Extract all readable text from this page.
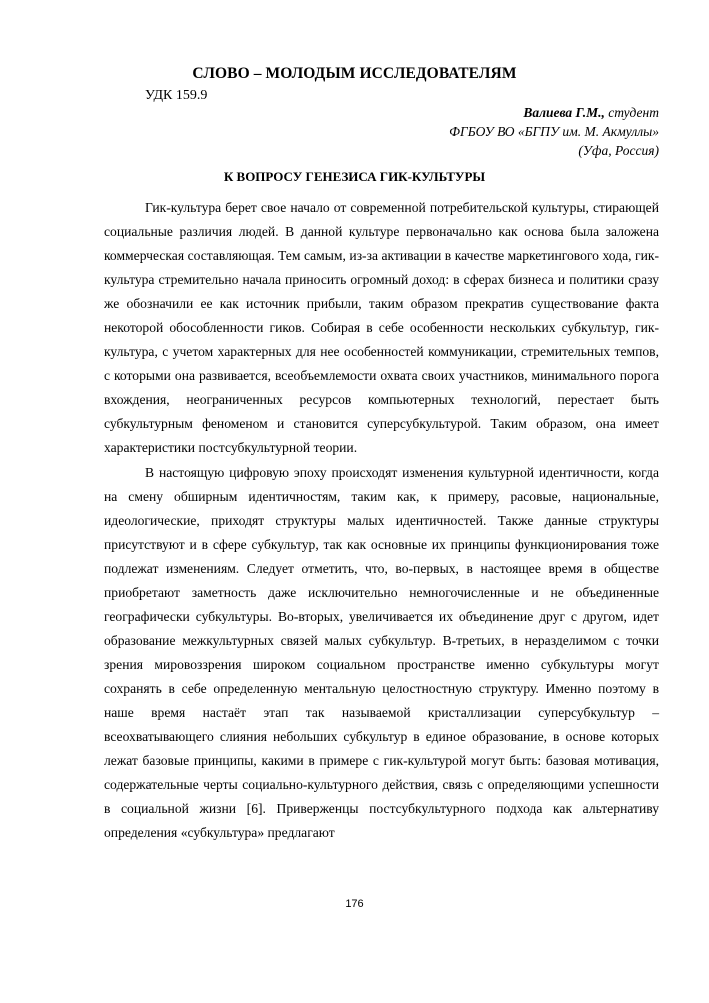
СЛОВО – МОЛОДЫМ ИССЛЕДОВАТЕЛЯМ
УДК 159.9
Валиева Г.М., студент
ФГБОУ ВО «БГПУ им. М. Акмуллы»
(Уфа, Россия)
К ВОПРОСУ ГЕНЕЗИСА ГИК-КУЛЬТУРЫ

Гик-культура берет свое начало от современной потребительской культуры, стирающей социальные различия людей. В данной культуре первоначально как основа была заложена коммерческая составляющая. Тем самым, из-за активации в качестве маркетингового хода, гик-культура стремительно начала приносить огромный доход: в сферах бизнеса и политики сразу же обозначили ее как источник прибыли, таким образом прекратив существование факта некоторой обособленности гиков. Собирая в себе особенности нескольких субкультур, гик-культура, с учетом характерных для нее особенностей коммуникации, стремительных темпов, с которыми она развивается, всеобъемлемости охвата своих участников, минимального порога вхождения, неограниченных ресурсов компьютерных технологий, перестает быть субкультурным феноменом и становится суперсубкультурой. Таким образом, она имеет характеристики постсубкультурной теории.

В настоящую цифровую эпоху происходят изменения культурной идентичности, когда на смену обширным идентичностям, таким как, к примеру, расовые, национальные, идеологические, приходят структуры малых идентичностей. Также данные структуры присутствуют и в сфере субкультур, так как основные их принципы функционирования тоже подлежат изменениям. Следует отметить, что, во-первых, в настоящее время в обществе приобретают заметность даже исключительно немногочисленные и не объединенные географически субкультуры. Во-вторых, увеличивается их объединение друг с другом, идет образование межкультурных связей малых субкультур. В-третьих, в неразделимом с точки зрения мировоззрения широком социальном пространстве именно субкультуры могут сохранять в себе определенную ментальную целостностную структуру. Именно поэтому в наше время настаёт этап так называемой кристаллизации суперсубкультур – всеохватывающего слияния небольших субкультур в единое образование, в основе которых лежат базовые принципы, какими в примере с гик-культурой могут быть: базовая мотивация, содержательные черты социально-культурного действия, связь с определяющими успешности в социальной жизни [6]. Приверженцы постсубкультурного подхода как альтернативу определения «субкультура» предлагают

176
